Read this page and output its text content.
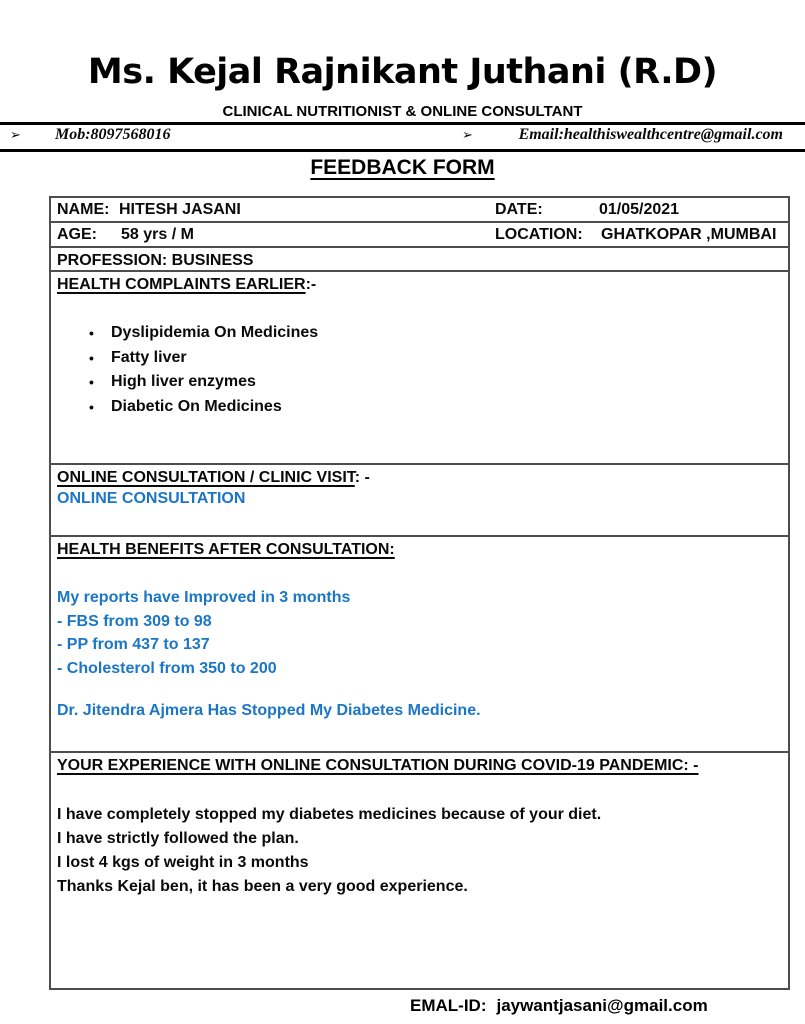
Ms. Kejal Rajnikant Juthani (R.D)
CLINICAL NUTRITIONIST & ONLINE CONSULTANT
➢ Mob:8097568016	➢	Email:healthiswealthcentre@gmail.com
FEEDBACK FORM
NAME: HITESH JASANI	DATE:	01/05/2021
AGE: 58 yrs / M	LOCATION: GHATKOPAR ,MUMBAI
PROFESSION: BUSINESS
HEALTH COMPLAINTS EARLIER:-
• Dyslipidemia On Medicines
• Fatty liver
• High liver enzymes
• Diabetic On Medicines
ONLINE CONSULTATION / CLINIC VISIT: -
ONLINE CONSULTATION
HEALTH BENEFITS AFTER CONSULTATION:
My reports have Improved in 3 months
- FBS from 309 to 98
- PP from 437 to 137
- Cholesterol from 350 to 200
Dr. Jitendra Ajmera Has Stopped My Diabetes Medicine.
YOUR EXPERIENCE WITH ONLINE CONSULTATION DURING COVID-19 PANDEMIC: -
I have completely stopped my diabetes medicines because of your diet.
I have strictly followed the plan.
I lost 4 kgs of weight in 3 months
Thanks Kejal ben, it has been a very good experience.
EMAL-ID: jaywantjasani@gmail.com
